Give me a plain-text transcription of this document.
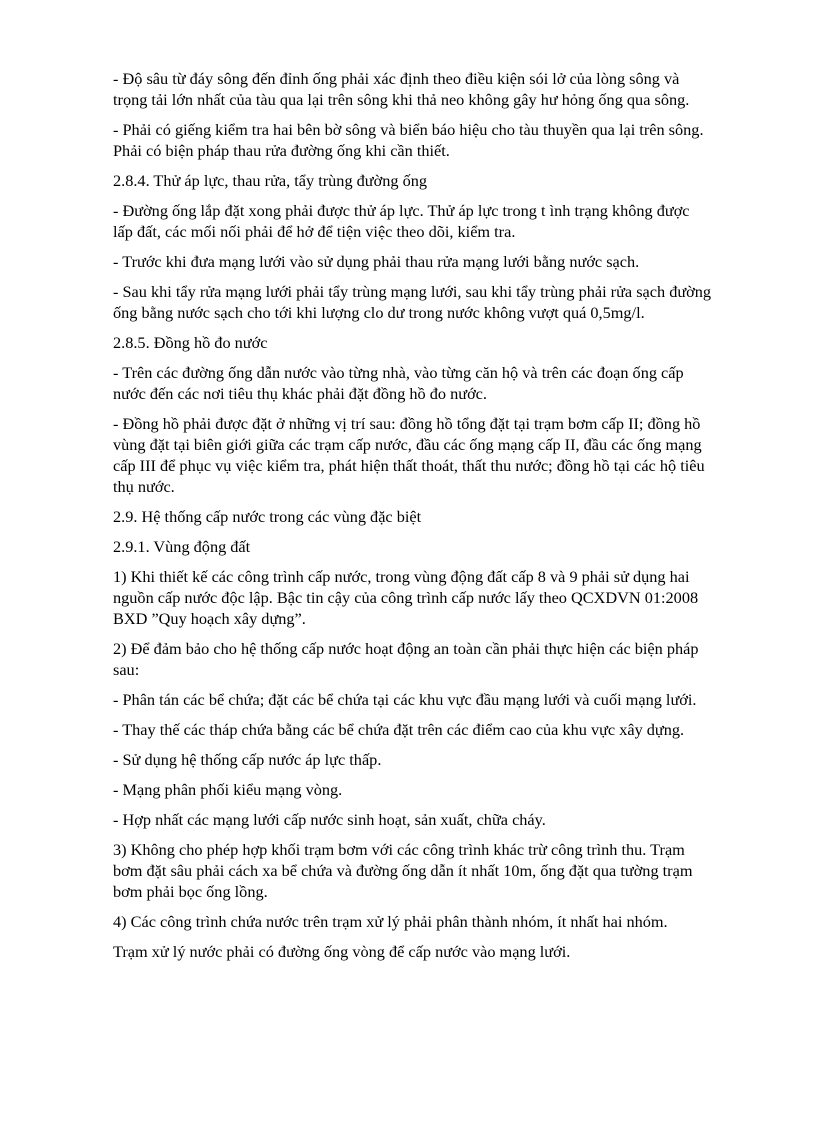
- Độ sâu từ đáy sông đến đỉnh ống phải xác định theo điều kiện sói lở của lòng sông và trọng tải lớn nhất của tàu qua lại trên sông khi thả neo không gây hư hỏng ống qua sông.

- Phải có giếng kiểm tra hai bên bờ sông và biển báo hiệu cho tàu thuyền qua lại trên sông. Phải có biện pháp thau rửa đường ống khi cần thiết.

2.8.4. Thử áp lực, thau rửa, tẩy trùng đường ống

- Đường ống lắp đặt xong phải được thử áp lực. Thử áp lực trong t ình trạng không được lấp đất, các mối nối phải để hở để tiện việc theo dõi, kiểm tra.

- Trước khi đưa mạng lưới vào sử dụng phải thau rửa mạng lưới bằng nước sạch.

- Sau khi tẩy rửa mạng lưới phải tẩy trùng mạng lưới, sau khi tẩy trùng phải rửa sạch đường ống bằng nước sạch cho tới khi lượng clo dư trong nước không vượt quá 0,5mg/l.

2.8.5. Đồng hồ đo nước

- Trên các đường ống dẫn nước vào từng nhà, vào từng căn hộ và trên các đoạn ống cấp nước đến các nơi tiêu thụ khác phải đặt đồng hồ đo nước.

- Đồng hồ phải được đặt ở những vị trí sau: đồng hồ tổng đặt tại trạm bơm cấp II; đồng hồ vùng đặt tại biên giới giữa các trạm cấp nước, đầu các ống mạng cấp II, đầu các ống mạng cấp III để phục vụ việc kiểm tra, phát hiện thất thoát, thất thu nước; đồng hồ tại các hộ tiêu thụ nước.

2.9. Hệ thống cấp nước trong các vùng đặc biệt

2.9.1. Vùng động đất

1) Khi thiết kế các công trình cấp nước, trong vùng động đất cấp 8 và 9 phải sử dụng hai nguồn cấp nước độc lập. Bậc tin cậy của công trình cấp nước lấy theo QCXDVN 01:2008 BXD ”Quy hoạch xây dựng”.

2) Để đảm bảo cho hệ thống cấp nước hoạt động an toàn cần phải thực hiện các biện pháp sau:

- Phân tán các bể chứa; đặt các bể chứa tại các khu vực đầu mạng lưới và cuối mạng lưới.

- Thay thế các tháp chứa bằng các bể chứa đặt trên các điểm cao của khu vực xây dựng.

- Sử dụng hệ thống cấp nước áp lực thấp.

- Mạng phân phối kiểu mạng vòng.

- Hợp nhất các mạng lưới cấp nước sinh hoạt, sản xuất, chữa cháy.

3) Không cho phép hợp khối trạm bơm với các công trình khác trừ công trình thu. Trạm bơm đặt sâu phải cách xa bể chứa và đường ống dẫn ít nhất 10m, ống đặt qua tường trạm bơm phải bọc ống lồng.

4) Các công trình chứa nước trên trạm xử lý phải phân thành nhóm, ít nhất hai nhóm.

Trạm xử lý nước phải có đường ống vòng để cấp nước vào mạng lưới.
